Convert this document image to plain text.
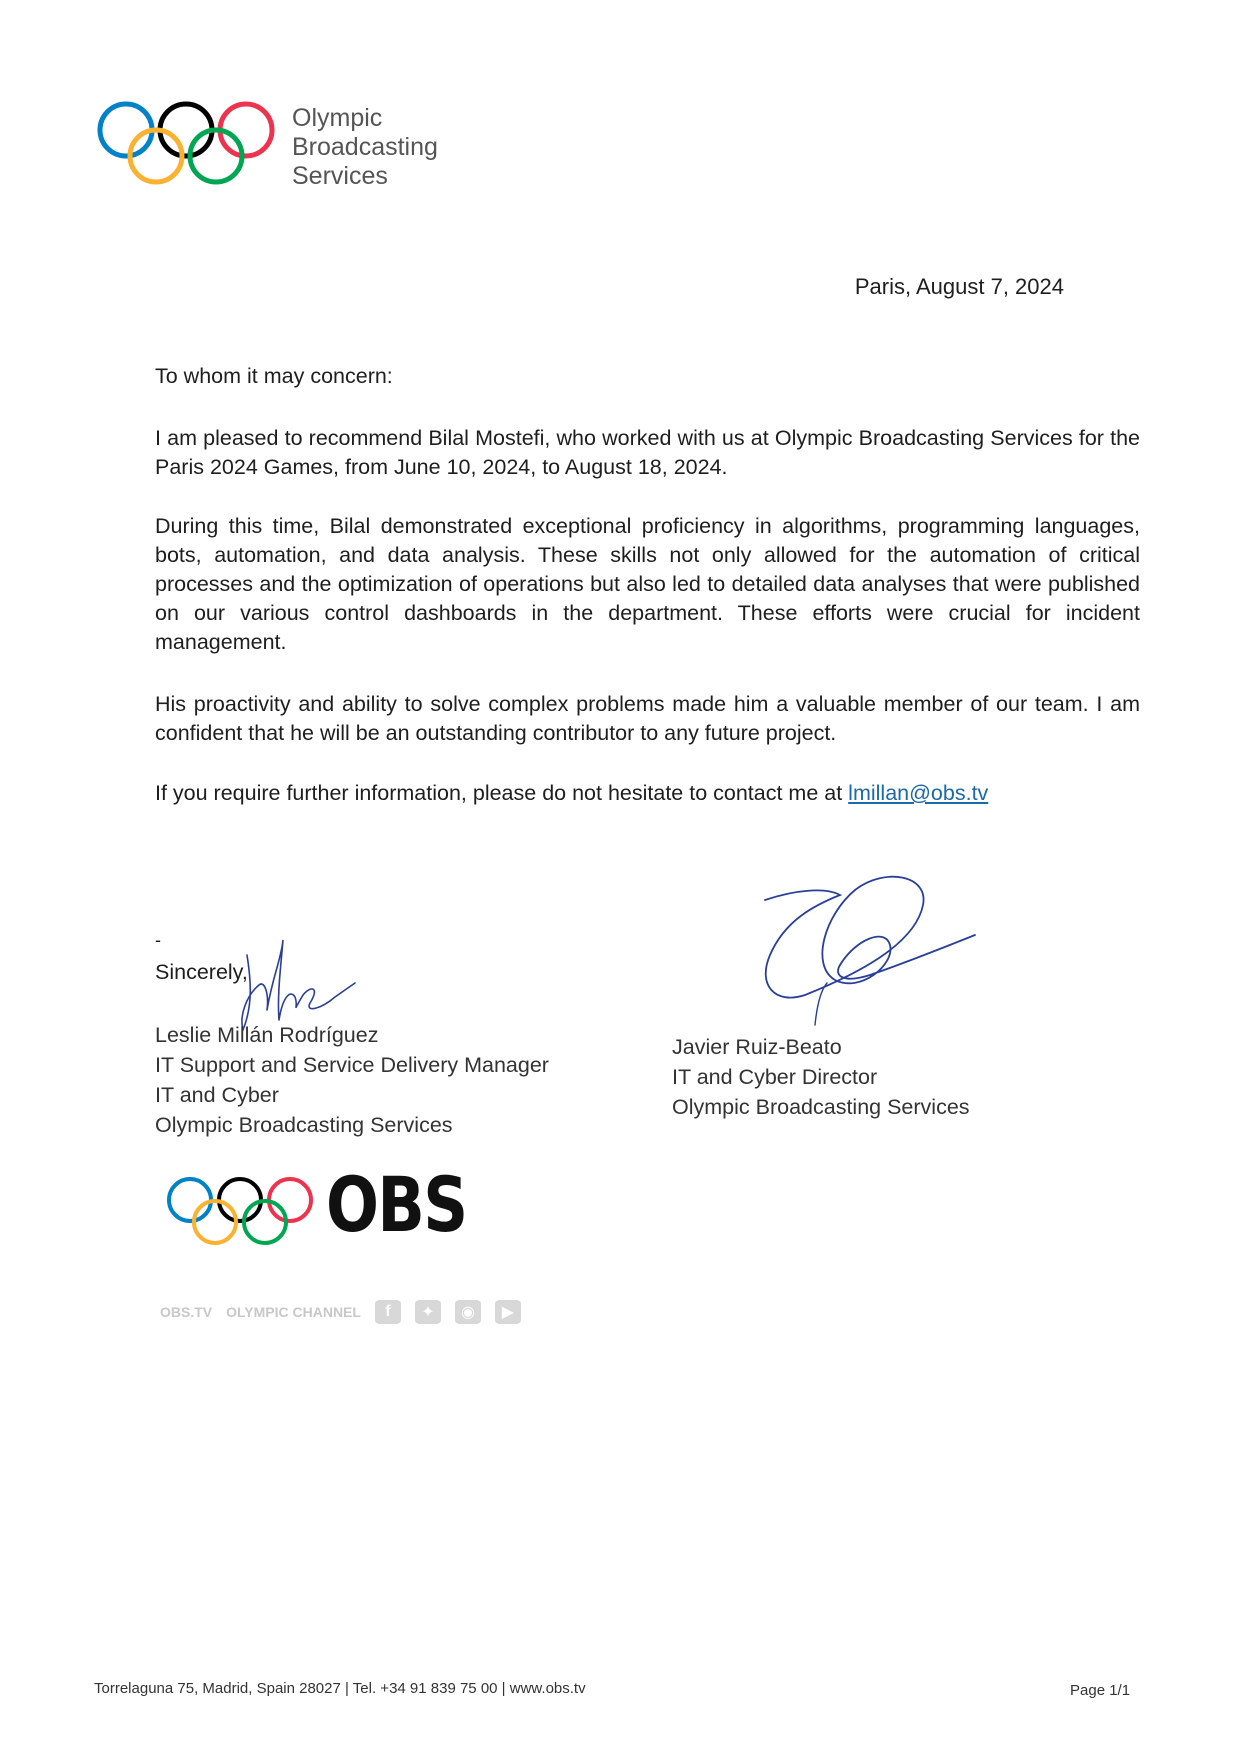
Olympic
Broadcasting
Services
Paris, August 7, 2024
To whom it may concern:
I am pleased to recommend Bilal Mostefi, who worked with us at Olympic Broadcasting Services for the Paris 2024 Games, from June 10, 2024, to August 18, 2024.
During this time, Bilal demonstrated exceptional proficiency in algorithms, programming languages, bots, automation, and data analysis. These skills not only allowed for the automation of critical processes and the optimization of operations but also led to detailed data analyses that were published on our various control dashboards in the department. These efforts were crucial for incident management.
His proactivity and ability to solve complex problems made him a valuable member of our team. I am confident that he will be an outstanding contributor to any future project.
If you require further information, please do not hesitate to contact me at lmillan@obs.tv
-
Sincerely,
Leslie Millán Rodríguez
IT Support and Service Delivery Manager
IT and Cyber
Olympic Broadcasting Services
Javier Ruiz-Beato
IT and Cyber Director
Olympic Broadcasting Services
OBS
OBS.TV OLYMPIC CHANNEL	f	✦	◉	▶
Torrelaguna 75, Madrid, Spain 28027 | Tel. +34 91 839 75 00 | www.obs.tv	Page 1/1
